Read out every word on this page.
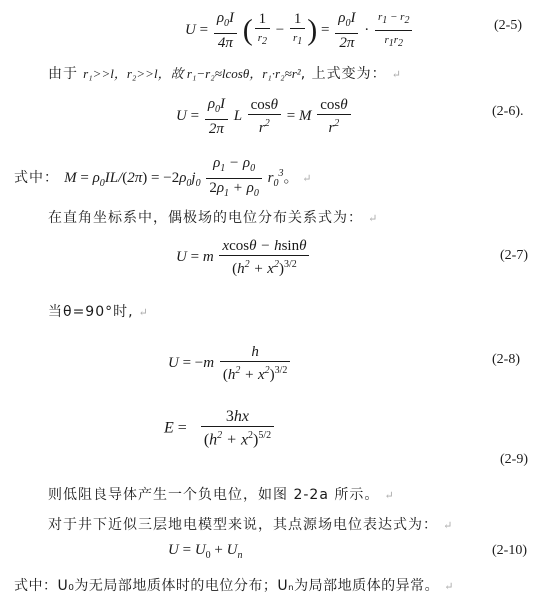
$U = \frac{\rho_0I}{4\pi}$ ( $\frac{1}{r_2} - \frac{1}{r_1}$ ) = $\frac{\rho_0I}{2\pi} \cdot \frac{r_1 - r_2}{r_1r_2}$	(2-5)
由于 r₁>>l，r₂>>l，故 r₁−r₂≈lcosθ，r₁·r₂≈r², 上式变为： ↵
$U = \frac{\rho_0I}{2\pi}$ L $\frac{\cos\theta}{r^2} = M \frac{\cos\theta}{r^2}$	(2-6).
式中： $M = \rho_0IL/(2\pi) = -2\rho_0j_0 \frac{\rho_1 - \rho_0}{2\rho_1 + \rho_0} r_0^3$。 ↵
在直角坐标系中，偶极场的电位分布关系式为： ↵
U = m $\frac{xcos\theta - hsin\theta}{(h^2 + x^2)^{3/2}}$	(2-7)
当θ=90°时, ↵
$U = -m \frac{h}{(h^2 + x^2)^{3/2}}$	(2-8)
$E = \frac{3hx}{(h^2 + x^2)^{5/2}}$
(2-9)
则低阻良导体产生一个负电位，如图 2-2a 所示。 ↵
对于井下近似三层地电模型来说，其点源场电位表达式为： ↵
$U = U_0 + U_n$	(2-10)
式中：U₀为无局部地质体时的电位分布；Uₙ为局部地质体的异常。 ↵
